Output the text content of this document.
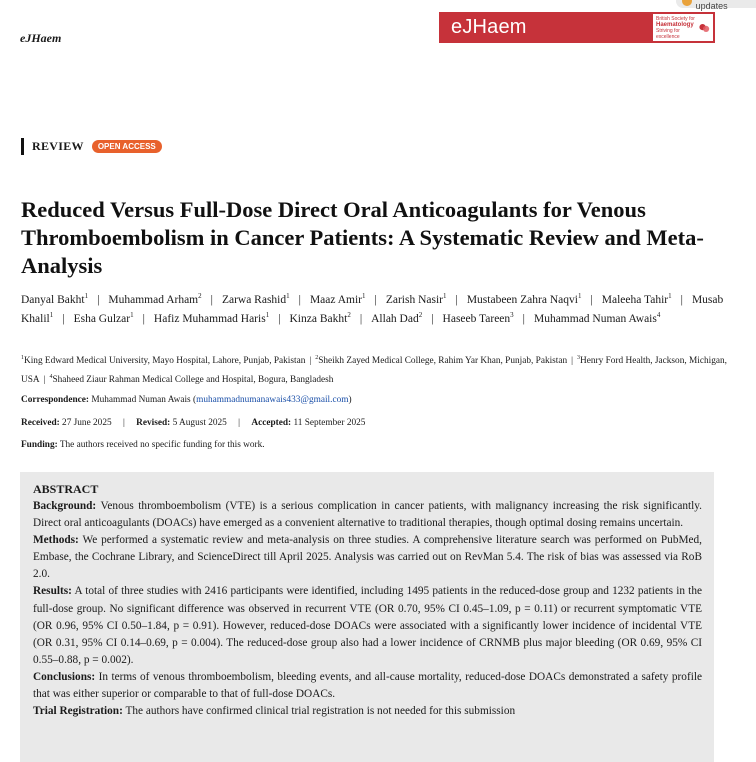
eJHaem
updates
eJHaem	British Society for
Haematology
Striving for excellence
REVIEW	OPEN ACCESS
Reduced Versus Full-Dose Direct Oral Anticoagulants for Venous Thromboembolism in Cancer Patients: A Systematic Review and Meta-Analysis
Danyal Bakht$^1$ | Muhammad Arham$^2$ | Zarwa Rashid$^1$ | Maaz Amir$^1$ | Zarish Nasir$^1$ | Mustabeen Zahra Naqvi$^1$ | Maleeha Tahir$^1$ | Musab Khalil$^1$ | Esha Gulzar$^1$ | Hafiz Muhammad Haris$^1$ | Kinza Bakht$^2$ | Allah Dad$^2$ | Haseeb Tareen$^3$ | Muhammad Numan Awais$^4$
$^1$King Edward Medical University, Mayo Hospital, Lahore, Punjab, Pakistan | $^2$Sheikh Zayed Medical College, Rahim Yar Khan, Punjab, Pakistan | $^3$Henry Ford Health, Jackson, Michigan, USA | $^4$Shaheed Ziaur Rahman Medical College and Hospital, Bogura, Bangladesh
Correspondence: Muhammad Numan Awais (muhammadnumanawais433@gmail.com)
Received: 27 June 2025 | Revised: 5 August 2025 | Accepted: 11 September 2025
Funding: The authors received no specific funding for this work.
ABSTRACT

Background: Venous thromboembolism (VTE) is a serious complication in cancer patients, with malignancy increasing the risk significantly. Direct oral anticoagulants (DOACs) have emerged as a convenient alternative to traditional therapies, though optimal dosing remains uncertain.

Methods: We performed a systematic review and meta-analysis on three studies. A comprehensive literature search was performed on PubMed, Embase, the Cochrane Library, and ScienceDirect till April 2025. Analysis was carried out on RevMan 5.4. The risk of bias was assessed via RoB 2.0.

Results: A total of three studies with 2416 participants were identified, including 1495 patients in the reduced-dose group and 1232 patients in the full-dose group. No significant difference was observed in recurrent VTE (OR 0.70, 95% CI 0.45–1.09, p = 0.11) or recurrent symptomatic VTE (OR 0.96, 95% CI 0.50–1.84, p = 0.91). However, reduced-dose DOACs were associated with a significantly lower incidence of incidental VTE (OR 0.31, 95% CI 0.14–0.69, p = 0.004). The reduced-dose group also had a lower incidence of CRNMB plus major bleeding (OR 0.69, 95% CI 0.55–0.88, p = 0.002).

Conclusions: In terms of venous thromboembolism, bleeding events, and all-cause mortality, reduced-dose DOACs demonstrated a safety profile that was either superior or comparable to that of full-dose DOACs.

Trial Registration: The authors have confirmed clinical trial registration is not needed for this submission
